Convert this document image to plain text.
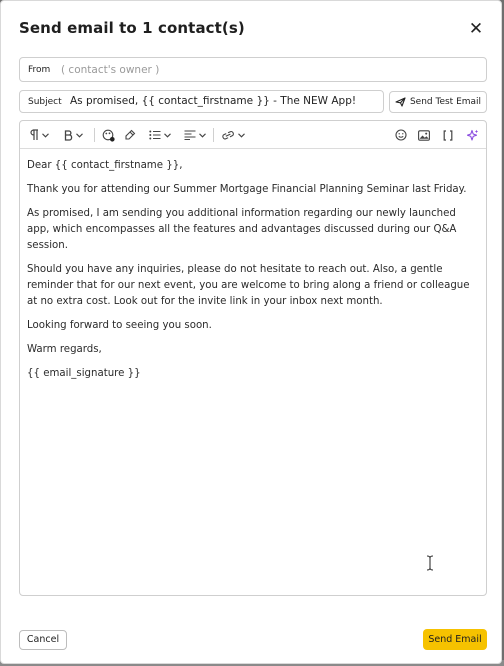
Send email to 1 contact(s)	✕
From ( contact's owner )
Subject As promised, {{ contact_firstname }} - The NEW App!	Send Test Email

Dear {{ contact_firstname }},

Thank you for attending our Summer Mortgage Financial Planning Seminar last Friday.

As promised, I am sending you additional information regarding our newly launched app, which encompasses all the features and advantages discussed during our Q&A session.

Should you have any inquiries, please do not hesitate to reach out. Also, a gentle reminder that for our next event, you are welcome to bring along a friend or colleague at no extra cost. Look out for the invite link in your inbox next month.

Looking forward to seeing you soon.

Warm regards,

{{ email_signature }}

Cancel	Send Email
